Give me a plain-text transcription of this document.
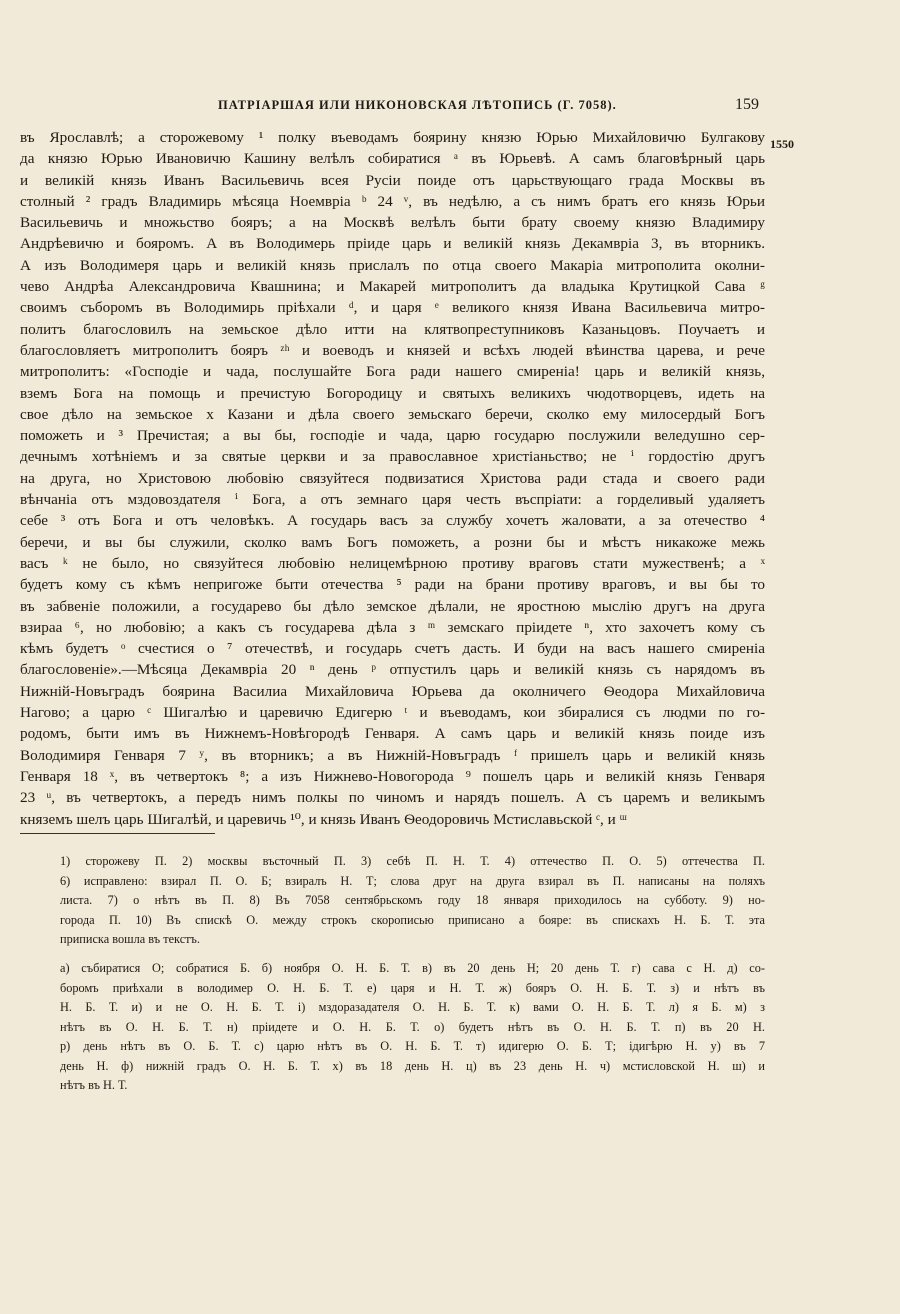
ПАТРІАРШАЯ ИЛИ НИКОНОВСКАЯ ЛѢТОПИСЬ (Г. 7058).	159
1550
въ Ярославлѣ; а сторожевому ¹ полку въеводамъ боярину князю Юрью Михайловичю Булгакову
да князю Юрью Ивановичю Кашину велѣлъ собиратися ᵃ въ Юрьевѣ. А самъ благовѣрный царь
и великій князь Иванъ Васильевичь всея Русіи поиде отъ царьствующаго града Москвы въ
столный ² градъ Владимирь мѣсяца Ноемвріа ᵇ 24 ᵛ, въ недѣлю, а съ нимъ братъ его князь Юрьи
Васильевичь и множьство бояръ; а на Москвѣ велѣлъ быти брату своему князю Владимиру
Андрѣевичю и бояромъ. А въ Володимерь пріиде царь и великій князь Декамвріа 3, въ вторникъ.
А изъ Володимеря царь и великій князь прислалъ по отца своего Макаріа митрополита околни-
чево Андрѣа Александровича Квашнина; и Макарей митрополитъ да владыка Крутицкой Сава ᵍ
своимъ съборомъ въ Володимирь пріѣхали ᵈ, и царя ᵉ великого князя Ивана Васильевича митро-
политъ благословилъ на земьское дѣло итти на клятвопреступниковъ Казаньцовъ. Поучаетъ и
благословляетъ митрополитъ бояръ ᶻʰ и воеводъ и князей и всѣхъ людей вѣинства царева, и рече
митрополитъ: «Господіе и чада, послушайте Бога ради нашего смиреніа! царь и великій князь,
вземъ Бога на помощь и пречистую Богородицу и святыхъ великихъ чюдотворцевъ, идеть на
свое дѣло на земьское х Казани и дѣла своего земьскаго беречи, сколко ему милосердый Богъ
поможеть и ³ Пречистая; а вы бы, господіе и чада, царю государю послужили веледушно сер-
дечнымъ хотѣніемъ и за святые церкви и за православное христіаньство; не ⁱ гордостію другъ
на друга, но Христовою любовію связуйтеся подвизатися Христова ради стада и своего ради
вѣнчаніа отъ мздовоздателя ⁱ Бога, а отъ земнаго царя честь въспріати: а горделивый удаляетъ
себе ³ отъ Бога и отъ человѣкъ. А государь васъ за службу хочетъ жаловати, а за отечество ⁴
беречи, и вы бы служили, сколко вамъ Богъ поможеть, а розни бы и мѣстъ никакоже межь
васъ ᵏ не было, но связуйтеся любовію нелицемѣрною противу враговъ стати мужественѣ; а ˣ
будетъ кому съ кѣмъ непригоже быти отечества ⁵ ради на брани противу враговъ, и вы бы то
въ забвеніе положили, а государево бы дѣло земское дѣлали, не яростною мыслію другъ на друга
взираа ⁶, но любовію; а какъ съ государева дѣла з ᵐ земскаго пріидете ⁿ, хто захочетъ кому съ
кѣмъ будетъ ᵒ счестися о ⁷ отечествѣ, и государь счетъ дасть. И буди на васъ нашего смиреніа
благословеніе».—Мѣсяца Декамвріа 20 ⁿ день ᵖ отпустилъ царь и великій князь съ нарядомъ въ
Нижній-Новъградъ боярина Василиа Михайловича Юрьева да околничего Ѳеодора Михайловича
Нагово; а царю ᶜ Шигалѣю и царевичю Едигерю ᵗ и въеводамъ, кои збиралися съ людми по го-
родомъ, быти имъ въ Нижнемъ-Новѣгородѣ Генваря. А самъ царь и великій князь поиде изъ
Володимиря Генваря 7 ʸ, въ вторникъ; а въ Нижній-Новъградъ ᶠ пришелъ царь и великій князь
Генваря 18 ˣ, въ четвертокъ ⁸; а изъ Нижнево-Новогорода ⁹ пошелъ царь и великій князь Генваря
23 ᵘ, въ четвертокъ, а передъ нимъ полкы по чиномъ и нарядъ пошелъ. А съ царемъ и великымъ
княземъ шелъ царь Шигалѣй, и царевичь ¹⁰, и князь Иванъ Ѳеодоровичь Мстиславьской ᶜ, и ᵚ
1) сторожеву П. 2) москвы въсточный П. 3) себѣ П. Н. Т. 4) оттечество П. О. 5) оттечества П.
6) исправлено: взирал П. О. Б; взиралъ Н. Т; слова друг на друга взирал въ П. написаны на поляхъ
листа. 7) о нѣтъ въ П. 8) Въ 7058 сентябрьскомъ году 18 января приходилось на субботу. 9) но-
города П. 10) Въ спискѣ О. между строкъ скорописью приписано а бояре: въ спискахъ Н. Б. Т. эта
приписка вошла въ текстъ.
а) събиратися О; собратися Б. б) ноября О. Н. Б. Т. в) въ 20 день Н; 20 день Т. г) сава с Н. д) со-
боромъ приѣхали в володимер О. Н. Б. Т. е) царя и Н. Т. ж) бояръ О. Н. Б. Т. з) и нѣтъ въ
Н. Б. Т. и) и не О. Н. Б. Т. і) мздоразадателя О. Н. Б. Т. к) вами О. Н. Б. Т. л) я Б. м) з
нѣтъ въ О. Н. Б. Т. н) пріидете и О. Н. Б. Т. о) будетъ нѣтъ въ О. Н. Б. Т. п) въ 20 Н.
р) день нѣтъ въ О. Б. Т. с) царю нѣтъ въ О. Н. Б. Т. т) идигерю О. Б. Т; ідигѣрю Н. у) въ 7
день Н. ф) нижній градъ О. Н. Б. Т. х) въ 18 день Н. ц) въ 23 день Н. ч) мстисловской Н. ш) и
нѣтъ въ Н. Т.
